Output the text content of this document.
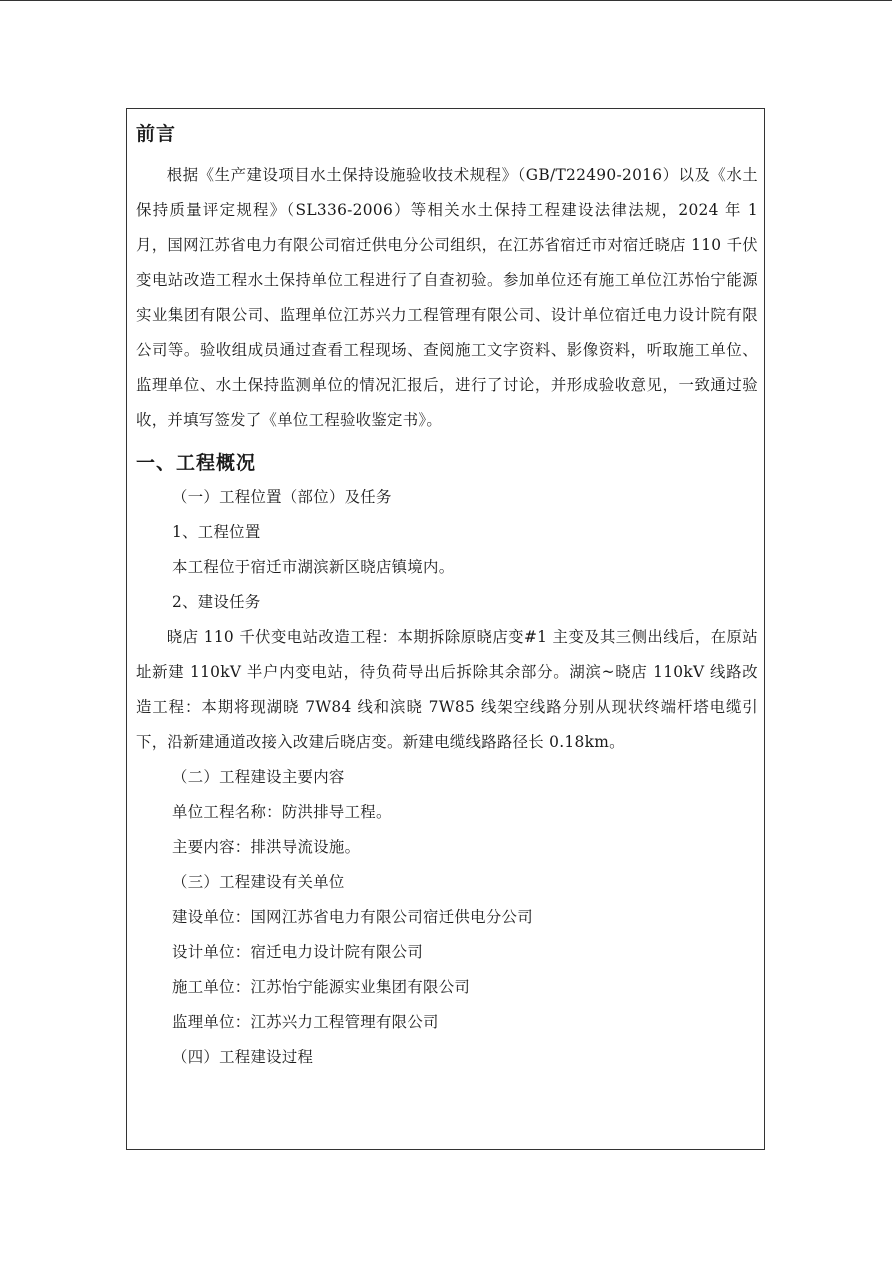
前言

根据《生产建设项目水土保持设施验收技术规程》（GB/T22490-2016）以及《水土保持质量评定规程》（SL336-2006）等相关水土保持工程建设法律法规，2024 年 1 月，国网江苏省电力有限公司宿迁供电分公司组织，在江苏省宿迁市对宿迁晓店 110 千伏变电站改造工程水土保持单位工程进行了自查初验。参加单位还有施工单位江苏怡宁能源实业集团有限公司、监理单位江苏兴力工程管理有限公司、设计单位宿迁电力设计院有限公司等。验收组成员通过查看工程现场、查阅施工文字资料、影像资料，听取施工单位、监理单位、水土保持监测单位的情况汇报后，进行了讨论，并形成验收意见，一致通过验收，并填写签发了《单位工程验收鉴定书》。

一、工程概况

（一）工程位置（部位）及任务

1、工程位置

本工程位于宿迁市湖滨新区晓店镇境内。

2、建设任务

晓店 110 千伏变电站改造工程：本期拆除原晓店变#1 主变及其三侧出线后，在原站址新建 110kV 半户内变电站，待负荷导出后拆除其余部分。湖滨~晓店 110kV 线路改造工程：本期将现湖晓 7W84 线和滨晓 7W85 线架空线路分别从现状终端杆塔电缆引下，沿新建通道改接入改建后晓店变。新建电缆线路路径长 0.18km。

（二）工程建设主要内容

单位工程名称：防洪排导工程。

主要内容：排洪导流设施。

（三）工程建设有关单位

建设单位：国网江苏省电力有限公司宿迁供电分公司

设计单位：宿迁电力设计院有限公司

施工单位：江苏怡宁能源实业集团有限公司

监理单位：江苏兴力工程管理有限公司

（四）工程建设过程
